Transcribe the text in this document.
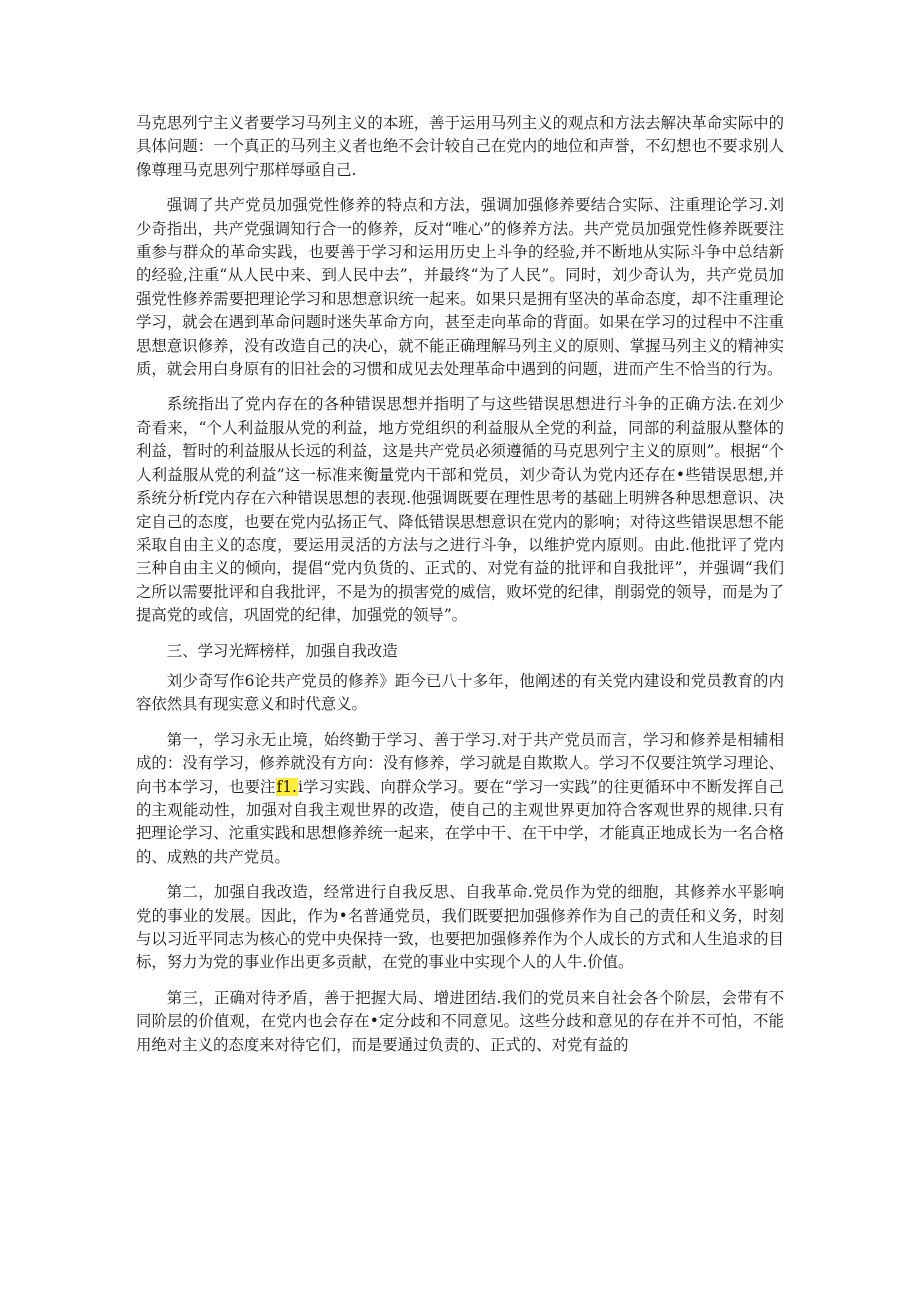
马克思列宁主义者要学习马列主义的本班，善于运用马列主义的观点和方法去解决革命实际中的具体问题：一个真正的马列主义者也绝不会计较自己在党内的地位和声誉，不幻想也不要求别人像尊理马克思列宁那样辱亟自己.

强调了共产党员加强党性修养的特点和方法，强调加强修养要结合实际、注重理论学习.刘少奇指出，共产党强调知行合一的修养，反对“唯心”的修养方法。共产党员加强党性修养既要注重参与群众的革命实践，也要善于学习和运用历史上斗争的经验,并不断地从实际斗争中总结新的经验,注重“从人民中来、到人民中去”，并最终“为了人民”。同时，刘少奇认为，共产党员加强党性修养需要把理论学习和思想意识统一起来。如果只是拥有坚决的革命态度，却不注重理论学习，就会在遇到革命问题时迷失革命方向，甚至走向革命的背面。如果在学习的过程中不注重思想意识修养，没有改造自己的决心，就不能正确理解马列主义的原则、掌握马列主义的精神实质，就会用白身原有的旧社会的习惯和成见去处理革命中遇到的问题，进而产生不恰当的行为。

系统指出了党内存在的各种错误思想并指明了与这些错误思想进行斗争的正确方法.在刘少奇看来，“个人利益服从党的利益，地方党组织的利益服从全党的利益，同部的利益服从整体的利益，暂时的利益服从长远的利益，这是共产党员必须遵循的马克思列宁主义的原则”。根据“个人利益服从党的利益”这一标准来衡量党内干部和党员，刘少奇认为党内还存在•些错误思想,并系统分析f党内存在六种错误思想的表现.他强调既要在理性思考的基础上明辨各种思想意识、决定自己的态度，也要在党内弘扬正气、降低错误思想意识在党内的影响；对待这些错误思想不能采取自由主义的态度，要运用灵活的方法与之进行斗争，以维护党内原则。由此.他批评了党内三种自由主义的倾向，提倡“党内负货的、正式的、对党有益的批评和自我批评”，并强调“我们之所以需要批评和自我批评，不是为的损害党的威信，败坏党的纪律，削弱党的领导，而是为了提高党的或信，巩固党的纪律，加强党的领导”。

三、学习光辉榜样，加强自我改造

刘少奇写作6论共产党员的修养》距今已八十多年，他阐述的有关党内建设和党员教育的内容依然具有现实意义和时代意义。

第一，学习永无止境，始终勤于学习、善于学习.对于共产党员而言，学习和修养是相辅相成的：没有学习，修养就没有方向：没有修养，学习就是自欺欺人。学习不仅要注筑学习理论、向书本学习，也要注f1.i学习实践、向群众学习。要在“学习一实践”的往更循环中不断发挥自己的主观能动性，加强对自我主观世界的改造，使自己的主观世界更加符合客观世界的规律.只有把理论学习、沱重实践和思想修养统一起来，在学中干、在干中学，才能真正地成长为一名合格的、成熟的共产党员。

第二，加强自我改造，经常进行自我反思、自我革命.党员作为党的细胞，其修养水平影响党的事业的发展。因此，作为•名普通党员，我们既要把加强修养作为自己的责任和义务，时刻与以习近平同志为核心的党中央保持一致，也要把加强修养作为个人成长的方式和人生追求的目标，努力为党的事业作出更多贡献，在党的事业中实现个人的人牛.价值。

第三，正确对待矛盾，善于把握大局、增进团结.我们的党员来自社会各个阶层，会带有不同阶层的价值观，在党内也会存在•定分歧和不同意见。这些分歧和意见的存在并不可怕，不能用绝对主义的态度来对待它们，而是要通过负责的、正式的、对党有益的
